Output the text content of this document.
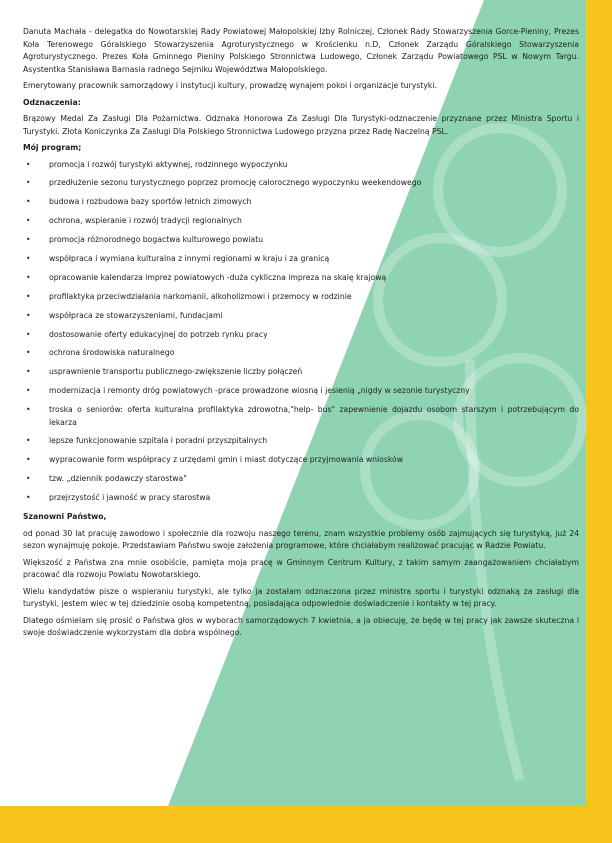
Danuta Machała - delegatka do Nowotarskiej Rady Powiatowej Małopolskiej Izby Rolniczej, Członek Rady Stowarzyszenia Gorce-Pieniny, Prezes Koła Terenowego Góralskiego Stowarzyszenia Agroturystycznego w Krościenku n.D, Członek Zarządu Góralskiego Stowarzyszenia Agroturystycznego. Prezes Koła Gminnego Pieniny Polskiego Stronnictwa Ludowego, Członek Zarządu Powiatowego PSL w Nowym Targu. Asystentka Stanisława Barnasia radnego Sejmiku Województwa Małopolskiego.

Emerytowany pracownik samorządowy i instytucji kultury, prowadzę wynajem pokoi i organizacje turystyki.

Odznaczenia:

Brązowy Medal Za Zasługi Dla Pożarnictwa. Odznaka Honorowa Za Zasługi Dla Turystyki-odznaczenie przyznane przez Ministra Sportu i Turystyki. Złota Koniczynka Za Zasługi Dla Polskiego Stronnictwa Ludowego przyzna przez Radę Naczelną PSL.

Mój program;
• promocja i rozwój turystyki aktywnej, rodzinnego wypoczynku
• przedłużenie sezonu turystycznego poprzez promocję całorocznego wypoczynku weekendowego
• budowa i rozbudowa bazy sportów letnich zimowych
• ochrona, wspieranie i rozwój tradycji regionalnych
• promocja różnorodnego bogactwa kulturowego powiatu
• współpraca i wymiana kulturalna z innymi regionami w kraju i za granicą
• opracowanie kalendarza imprez powiatowych -duża cykliczna impreza na skalę krajową
• profilaktyka przeciwdziałania narkomanii, alkoholizmowi i przemocy w rodzinie
• współpraca ze stowarzyszeniami, fundacjami
• dostosowanie oferty edukacyjnej do potrzeb rynku pracy
• ochrona środowiska naturalnego
• usprawnienie transportu publicznego-zwiększenie liczby połączeń
• modernizacja i remonty dróg powiatowych -prace prowadzone wiosną i jesienią „nigdy w sezonie turystyczny
• troska o seniorów: oferta kulturalna profilaktyka zdrowotna,"help- bus" zapewnienie dojazdu osobom starszym i potrzebującym do lekarza
• lepsze funkcjonowanie szpitala i poradni przyszpitalnych
• wypracowanie form współpracy z urzędami gmin i miast dotyczące przyjmowania wniosków
• tzw. „dziennik podawczy starostwa"
• przejrzystość i jawność w pracy starostwa
Szanowni Państwo,

od ponad 30 lat pracuję zawodowo i społecznie dla rozwoju naszego terenu, znam wszystkie problemy osób zajmujących się turystyką, już 24 sezon wynajmuję pokoje. Przedstawiam Państwu swoje założenia programowe, które chciałabym realizować pracując w Radzie Powiatu.

Większość z Państwa zna mnie osobiście, pamięta moja pracę w Gminnym Centrum Kultury, z takim samym zaangażowaniem chciałabym pracować dla rozwoju Powiatu Nowotarskiego.

Wielu kandydatów pisze o wspieraniu turystyki, ale tylko ja zostałam odznaczona przez ministra sportu i turystyki odznaką za zasługi dla turystyki, jestem wiec w tej dziedzinie osobą kompetentną, posiadająca odpowiednie doświadczenie i kontakty w tej pracy.

Dlatego ośmielam się prosić o Państwa głos w wyborach samorządowych 7 kwietnia, a ja obiecuję, że będę w tej pracy jak zawsze skuteczna i swoje doświadczenie wykorzystam dla dobra wspólnego.
